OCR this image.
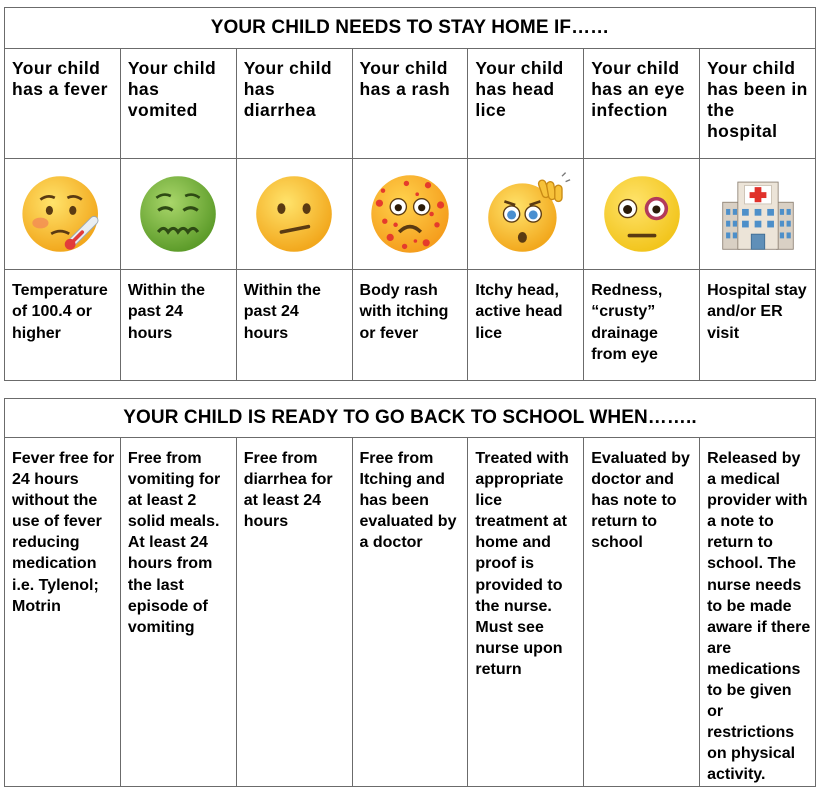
YOUR CHILD NEEDS TO STAY HOME IF……						
Your child has a fever	Your child has vomited	Your child has diarrhea	Your child has a rash	Your child has head lice	Your child has an eye infection	Your child has been in the hospital

Temperature of 100.4 or higher	Within the past 24 hours	Within the past 24 hours	Body rash with itching or fever	Itchy head, active head lice	Redness, “crusty” drainage from eye	Hospital stay and/or ER visit
YOUR CHILD IS READY TO GO BACK TO SCHOOL WHEN……..
Fever free for 24 hours without the use of fever reducing medication i.e. Tylenol; Motrin	Free from vomiting for at least 2 solid meals. At least 24 hours from the last episode of vomiting	Free from diarrhea for at least 24 hours	Free from Itching and has been evaluated by a doctor	Treated with appropriate lice treatment at home and proof is provided to the nurse. Must see nurse upon return	Evaluated by doctor and has note to return to school	Released by a medical provider with a note to return to school. The nurse needs to be made aware if there are medications to be given or restrictions on physical activity.
